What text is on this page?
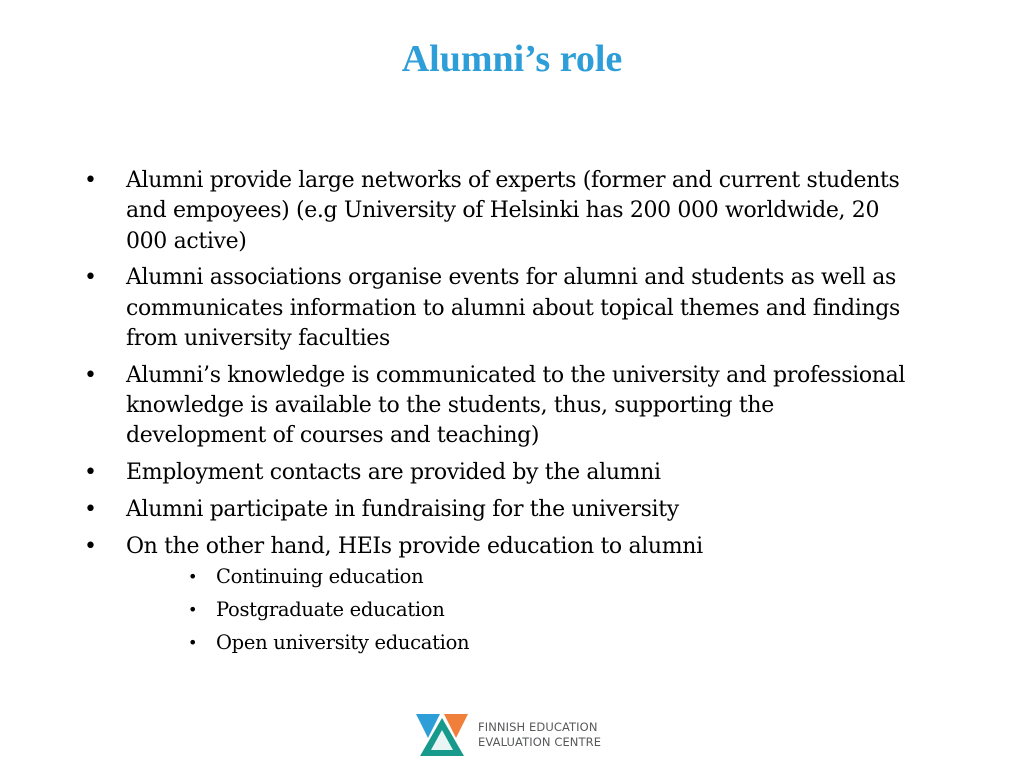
Alumni’s role
•	Alumni provide large networks of experts (former and current students and empoyees) (e.g University of Helsinki has 200 000 worldwide, 20 000 active)
•	Alumni associations organise events for alumni and students as well as communicates information to alumni about topical themes and findings from university faculties
•	Alumni’s knowledge is communicated to the university and professional knowledge is available to the students, thus, supporting the development of courses and teaching)
•	Employment contacts are provided by the alumni
•	Alumni participate in fundraising for the university
•	On the other hand, HEIs provide education to alumni
• Continuing education
• Postgraduate education
• Open university education
FINNISH EDUCATION
EVALUATION CENTRE
